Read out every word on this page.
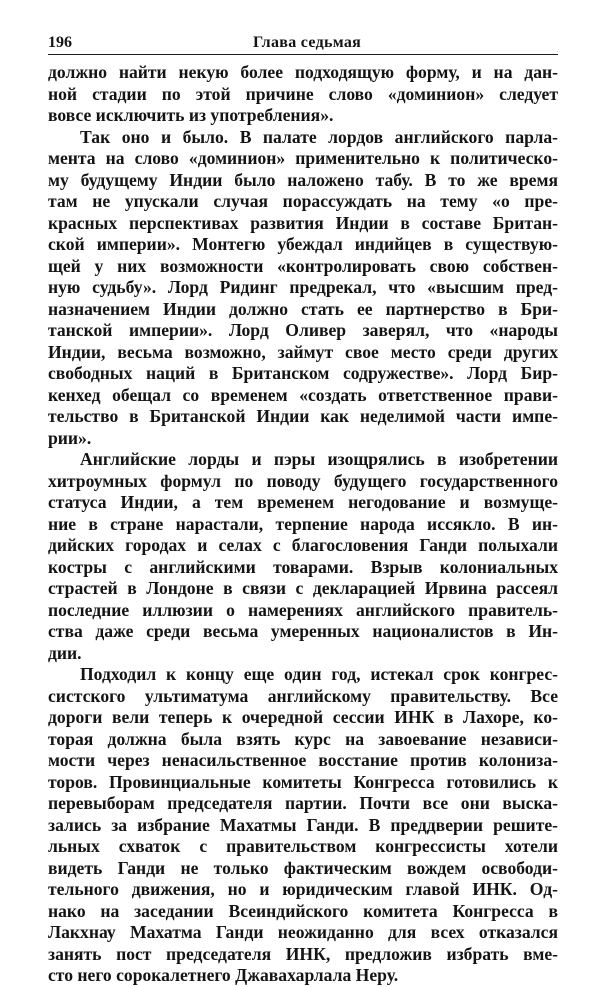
196	Глава седьмая
должно найти некую более подходящую форму, и на дан-
ной стадии по этой причине слово «доминион» следует
вовсе исключить из употребления».
Так оно и было. В палате лордов английского парла-
мента на слово «доминион» применительно к политическо-
му будущему Индии было наложено табу. В то же время
там не упускали случая порассуждать на тему «о пре-
красных перспективах развития Индии в составе Британ-
ской империи». Монтегю убеждал индийцев в существую-
щей у них возможности «контролировать свою собствен-
ную судьбу». Лорд Ридинг предрекал, что «высшим пред-
назначением Индии должно стать ее партнерство в Бри-
танской империи». Лорд Оливер заверял, что «народы
Индии, весьма возможно, займут свое место среди других
свободных наций в Британском содружестве». Лорд Бир-
кенхед обещал со временем «создать ответственное прави-
тельство в Британской Индии как неделимой части импе-
рии».
Английские лорды и пэры изощрялись в изобретении
хитроумных формул по поводу будущего государственного
статуса Индии, а тем временем негодование и возмуще-
ние в стране нарастали, терпение народа иссякло. В ин-
дийских городах и селах с благословения Ганди полыхали
костры с английскими товарами. Взрыв колониальных
страстей в Лондоне в связи с декларацией Ирвина рассеял
последние иллюзии о намерениях английского правитель-
ства даже среди весьма умеренных националистов в Ин-
дии.
Подходил к концу еще один год, истекал срок конгрес-
систского ультиматума английскому правительству. Все
дороги вели теперь к очередной сессии ИНК в Лахоре, ко-
торая должна была взять курс на завоевание независи-
мости через ненасильственное восстание против колониза-
торов. Провинциальные комитеты Конгресса готовились к
перевыборам председателя партии. Почти все они выска-
зались за избрание Махатмы Ганди. В преддверии решите-
льных схваток с правительством конгрессисты хотели
видеть Ганди не только фактическим вождем освободи-
тельного движения, но и юридическим главой ИНК. Од-
нако на заседании Всеиндийского комитета Конгресса в
Лакхнау Махатма Ганди неожиданно для всех отказался
занять пост председателя ИНК, предложив избрать вме-
сто него сорокалетнего Джавахарлала Неру.
